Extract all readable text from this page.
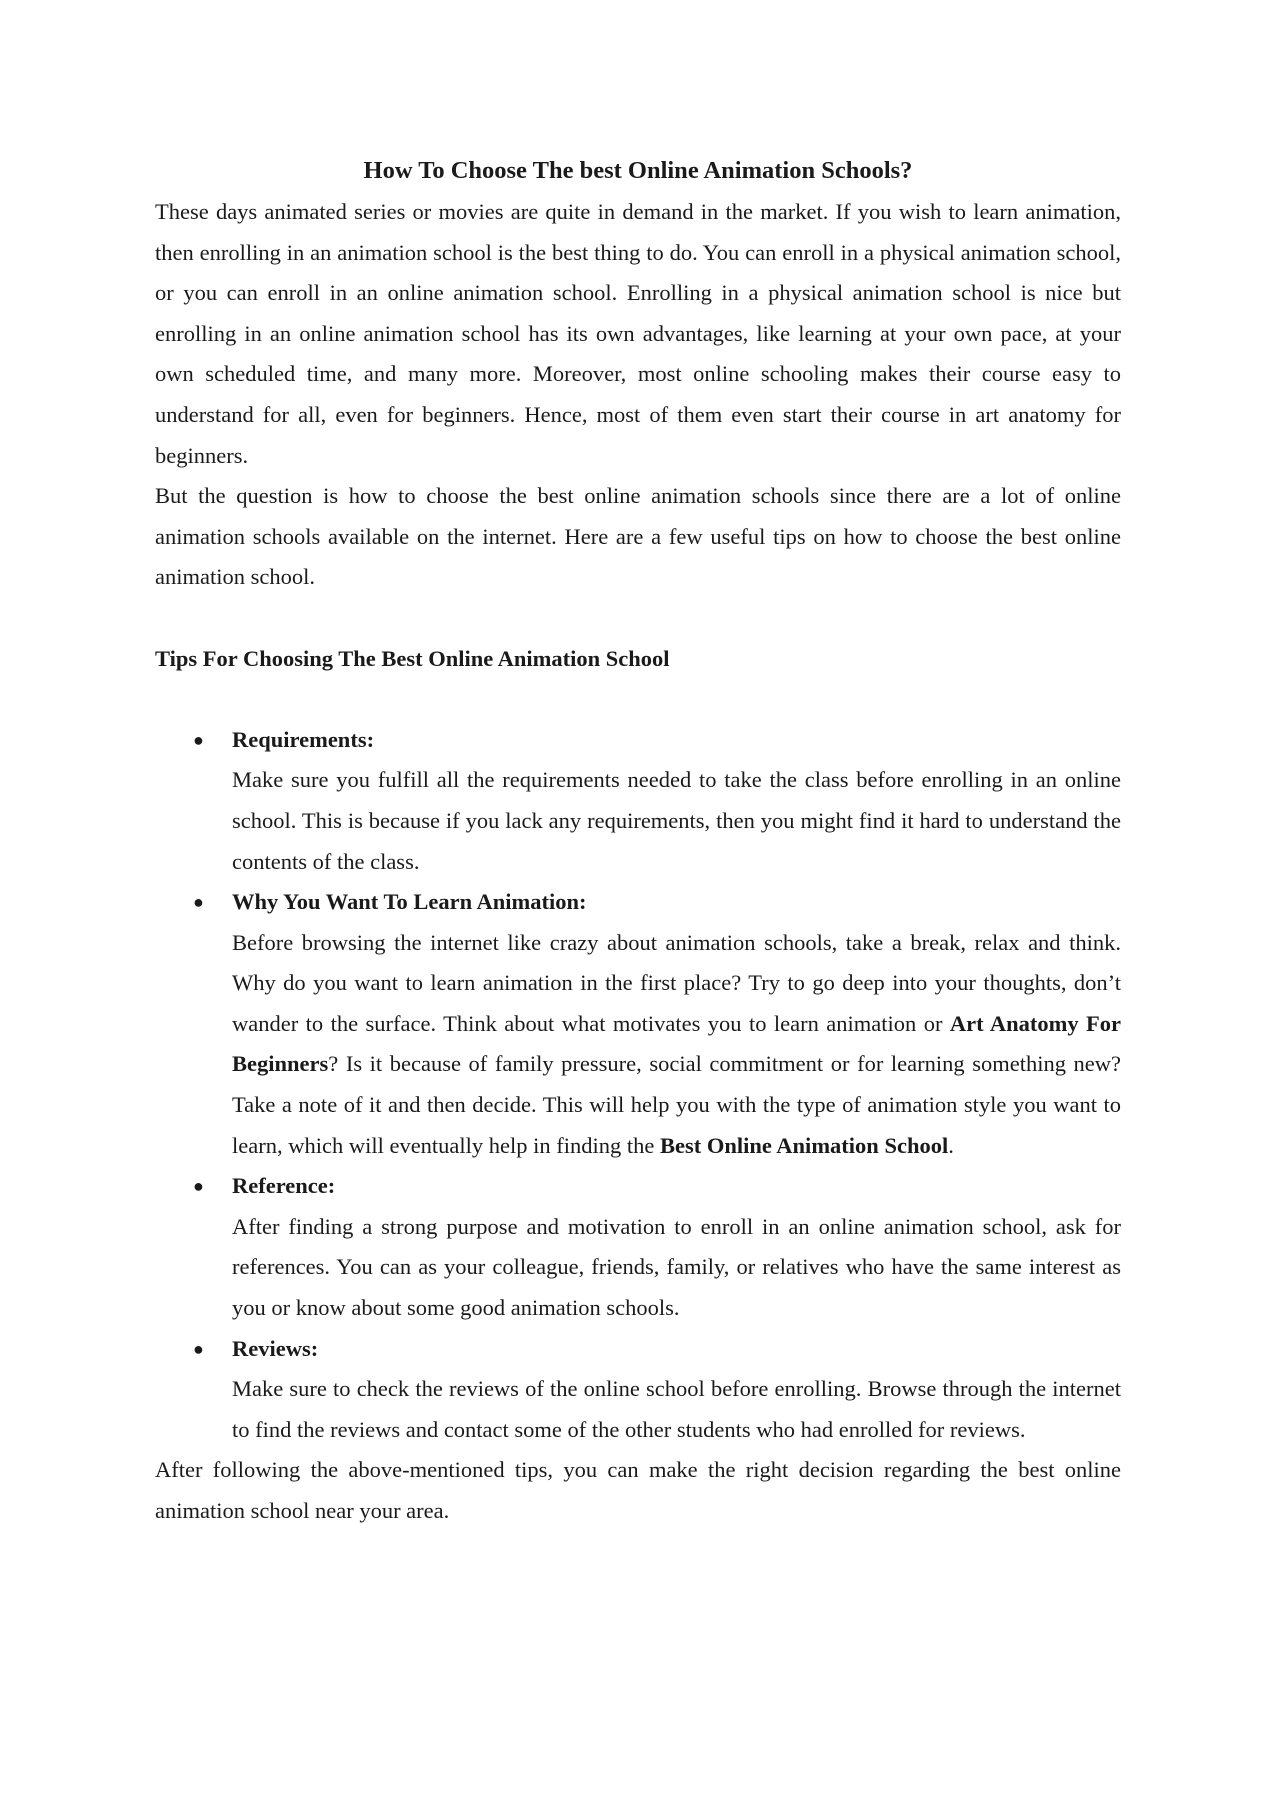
How To Choose The best Online Animation Schools?

These days animated series or movies are quite in demand in the market. If you wish to learn animation, then enrolling in an animation school is the best thing to do. You can enroll in a physical animation school, or you can enroll in an online animation school. Enrolling in a physical animation school is nice but enrolling in an online animation school has its own advantages, like learning at your own pace, at your own scheduled time, and many more. Moreover, most online schooling makes their course easy to understand for all, even for beginners. Hence, most of them even start their course in art anatomy for beginners.

But the question is how to choose the best online animation schools since there are a lot of online animation schools available on the internet. Here are a few useful tips on how to choose the best online animation school.

Tips For Choosing The Best Online Animation School
● Requirements:
Make sure you fulfill all the requirements needed to take the class before enrolling in an online school. This is because if you lack any requirements, then you might find it hard to understand the contents of the class.
● Why You Want To Learn Animation:
Before browsing the internet like crazy about animation schools, take a break, relax and think. Why do you want to learn animation in the first place? Try to go deep into your thoughts, don’t wander to the surface. Think about what motivates you to learn animation or Art Anatomy For Beginners? Is it because of family pressure, social commitment or for learning something new? Take a note of it and then decide. This will help you with the type of animation style you want to learn, which will eventually help in finding the Best Online Animation School.
● Reference:
After finding a strong purpose and motivation to enroll in an online animation school, ask for references. You can as your colleague, friends, family, or relatives who have the same interest as you or know about some good animation schools.
● Reviews:
Make sure to check the reviews of the online school before enrolling. Browse through the internet to find the reviews and contact some of the other students who had enrolled for reviews.

After following the above-mentioned tips, you can make the right decision regarding the best online animation school near your area.
